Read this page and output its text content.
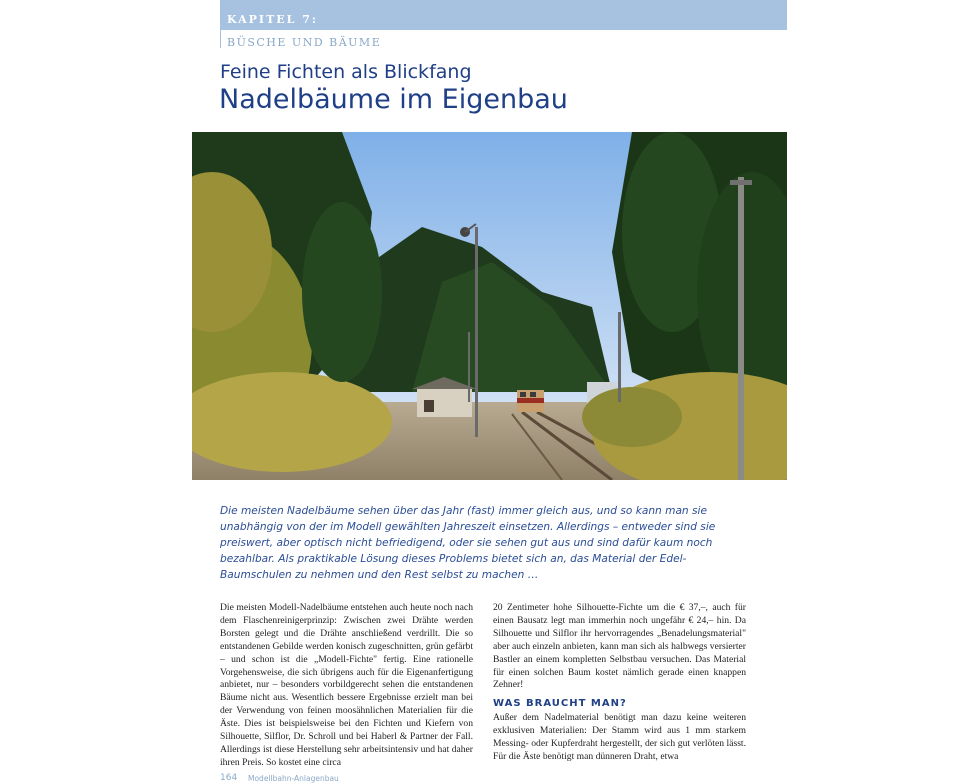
KAPITEL 7:
BÜSCHE UND BÄUME
Feine Fichten als Blickfang
Nadelbäume im Eigenbau

Die meisten Nadelbäume sehen über das Jahr (fast) immer gleich aus, und so kann man sie unabhängig von der im Modell gewählten Jahreszeit einsetzen. Allerdings – entweder sind sie preiswert, aber optisch nicht befriedigend, oder sie sehen gut aus und sind dafür kaum noch bezahlbar. Als praktikable Lösung dieses Problems bietet sich an, das Material der Edel-Baumschulen zu nehmen und den Rest selbst zu machen …

Die meisten Modell-Nadelbäume entstehen auch heute noch nach dem Flaschenreinigerprinzip: Zwischen zwei Drähte werden Borsten gelegt und die Drähte anschließend verdrillt. Die so entstandenen Gebilde werden konisch zugeschnitten, grün gefärbt – und schon ist die „Modell-Fichte" fertig. Eine rationelle Vorgehensweise, die sich übrigens auch für die Eigenanfertigung anbietet, nur – besonders vorbildgerecht sehen die entstandenen Bäume nicht aus. Wesentlich bessere Ergebnisse erzielt man bei der Verwendung von feinen moosähnlichen Materialien für die Äste. Dies ist beispielsweise bei den Fichten und Kiefern von Silhouette, Silflor, Dr. Schroll und bei Haberl & Partner der Fall. Allerdings ist diese Herstellung sehr arbeitsintensiv und hat daher ihren Preis. So kostet eine circa

20 Zentimeter hohe Silhouette-Fichte um die € 37,–, auch für einen Bausatz legt man immerhin noch ungefähr € 24,– hin. Da Silhouette und Silflor ihr hervorragendes „Benadelungsmaterial" aber auch einzeln anbieten, kann man sich als halbwegs versierter Bastler an einem kompletten Selbstbau versuchen. Das Material für einen solchen Baum kostet nämlich gerade einen knappen Zehner!

WAS BRAUCHT MAN?

Außer dem Nadelmaterial benötigt man dazu keine weiteren exklusiven Materialien: Der Stamm wird aus 1 mm starkem Messing- oder Kupferdraht hergestellt, der sich gut verlöten lässt. Für die Äste benötigt man dünneren Draht, etwa

164 Modellbahn-Anlagenbau
